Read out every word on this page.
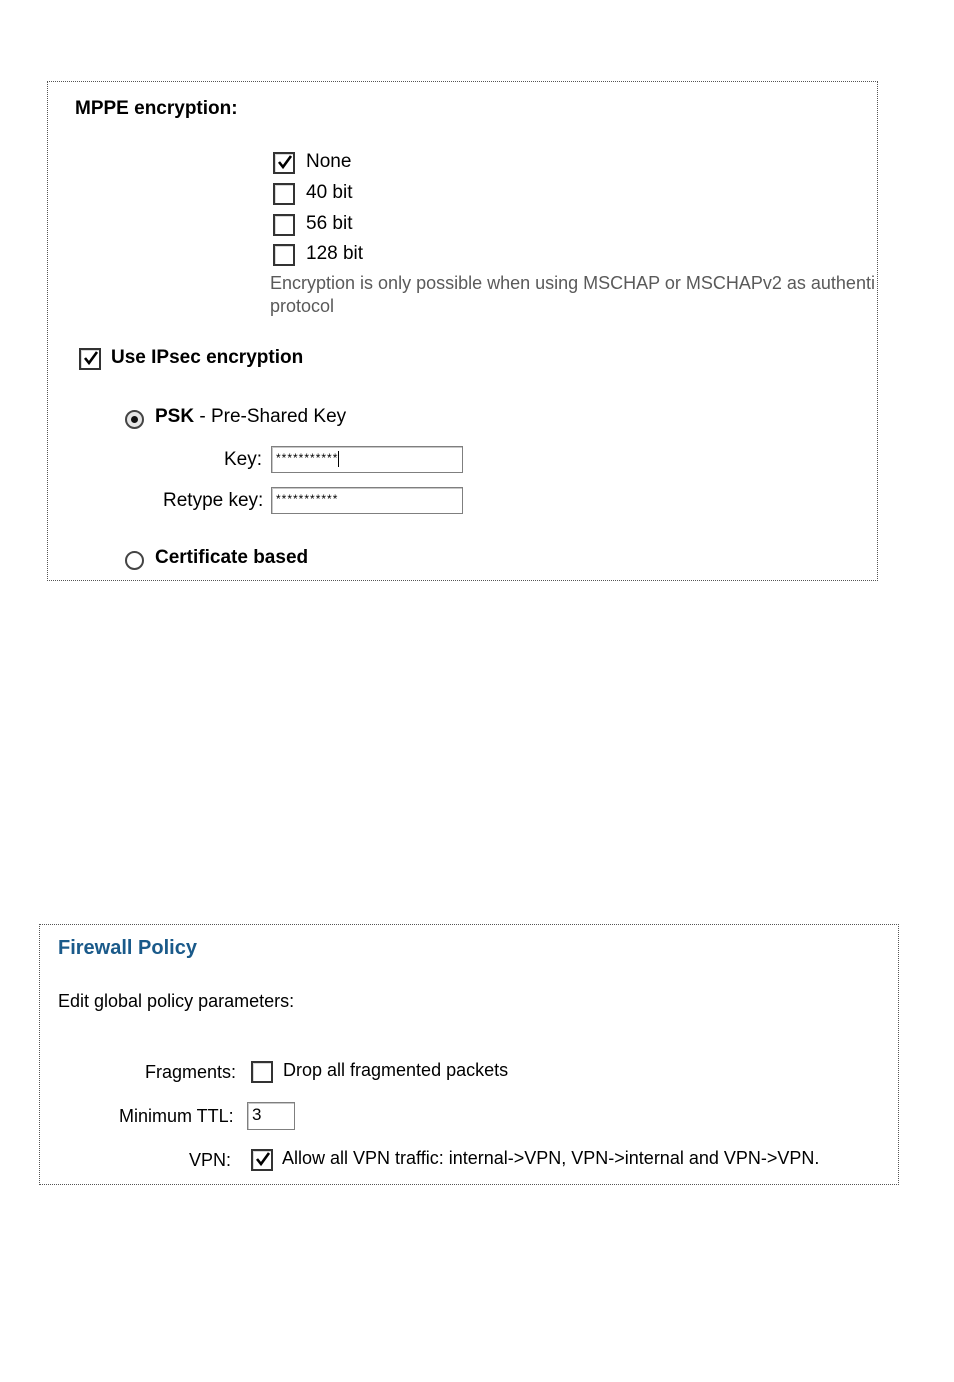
MPPE encryption:
None
40 bit
56 bit
128 bit
Encryption is only possible when using MSCHAP or MSCHAPv2 as authenti protocol
Use IPsec encryption
PSK - Pre-Shared Key
Key:	***********
Retype key:	***********
Certificate based
Firewall Policy
Edit global policy parameters:
Fragments:	Drop all fragmented packets
Minimum TTL: 3
VPN:	Allow all VPN traffic: internal->VPN, VPN->internal and VPN->VPN.
